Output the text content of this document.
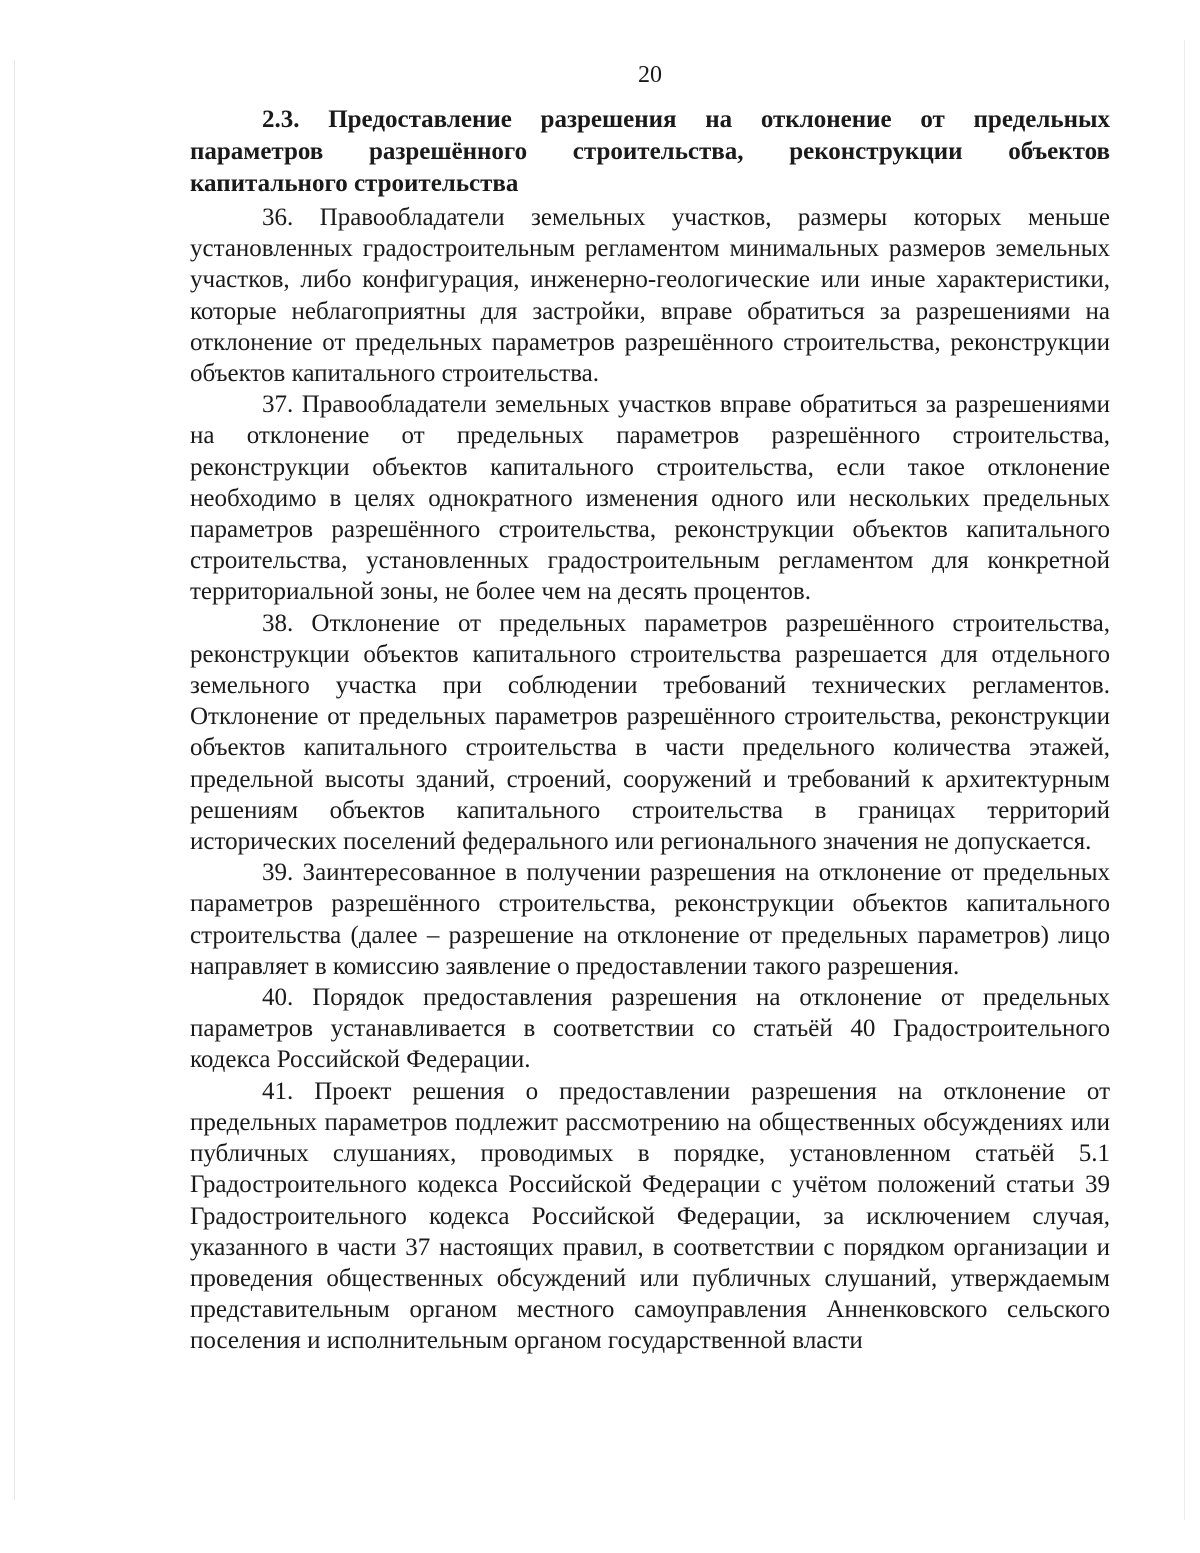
20

2.3. Предоставление разрешения на отклонение от предельных параметров разрешённого строительства, реконструкции объектов капитального строительства

36. Правообладатели земельных участков, размеры которых меньше установленных градостроительным регламентом минимальных размеров земельных участков, либо конфигурация, инженерно-геологические или иные характеристики, которые неблагоприятны для застройки, вправе обратиться за разрешениями на отклонение от предельных параметров разрешённого строительства, реконструкции объектов капитального строительства.

37. Правообладатели земельных участков вправе обратиться за разрешениями на отклонение от предельных параметров разрешённого строительства, реконструкции объектов капитального строительства, если такое отклонение необходимо в целях однократного изменения одного или нескольких предельных параметров разрешённого строительства, реконструкции объектов капитального строительства, установленных градостроительным регламентом для конкретной территориальной зоны, не более чем на десять процентов.

38. Отклонение от предельных параметров разрешённого строительства, реконструкции объектов капитального строительства разрешается для отдельного земельного участка при соблюдении требований технических регламентов. Отклонение от предельных параметров разрешённого строительства, реконструкции объектов капитального строительства в части предельного количества этажей, предельной высоты зданий, строений, сооружений и требований к архитектурным решениям объектов капитального строительства в границах территорий исторических поселений федерального или регионального значения не допускается.

39. Заинтересованное в получении разрешения на отклонение от предельных параметров разрешённого строительства, реконструкции объектов капитального строительства (далее – разрешение на отклонение от предельных параметров) лицо направляет в комиссию заявление о предоставлении такого разрешения.

40. Порядок предоставления разрешения на отклонение от предельных параметров устанавливается в соответствии со статьёй 40 Градостроительного кодекса Российской Федерации.

41. Проект решения о предоставлении разрешения на отклонение от предельных параметров подлежит рассмотрению на общественных обсуждениях или публичных слушаниях, проводимых в порядке, установленном статьёй 5.1 Градостроительного кодекса Российской Федерации с учётом положений статьи 39 Градостроительного кодекса Российской Федерации, за исключением случая, указанного в части 37 настоящих правил, в соответствии с порядком организации и проведения общественных обсуждений или публичных слушаний, утверждаемым представительным органом местного самоуправления Анненковского сельского поселения и исполнительным органом государственной власти
